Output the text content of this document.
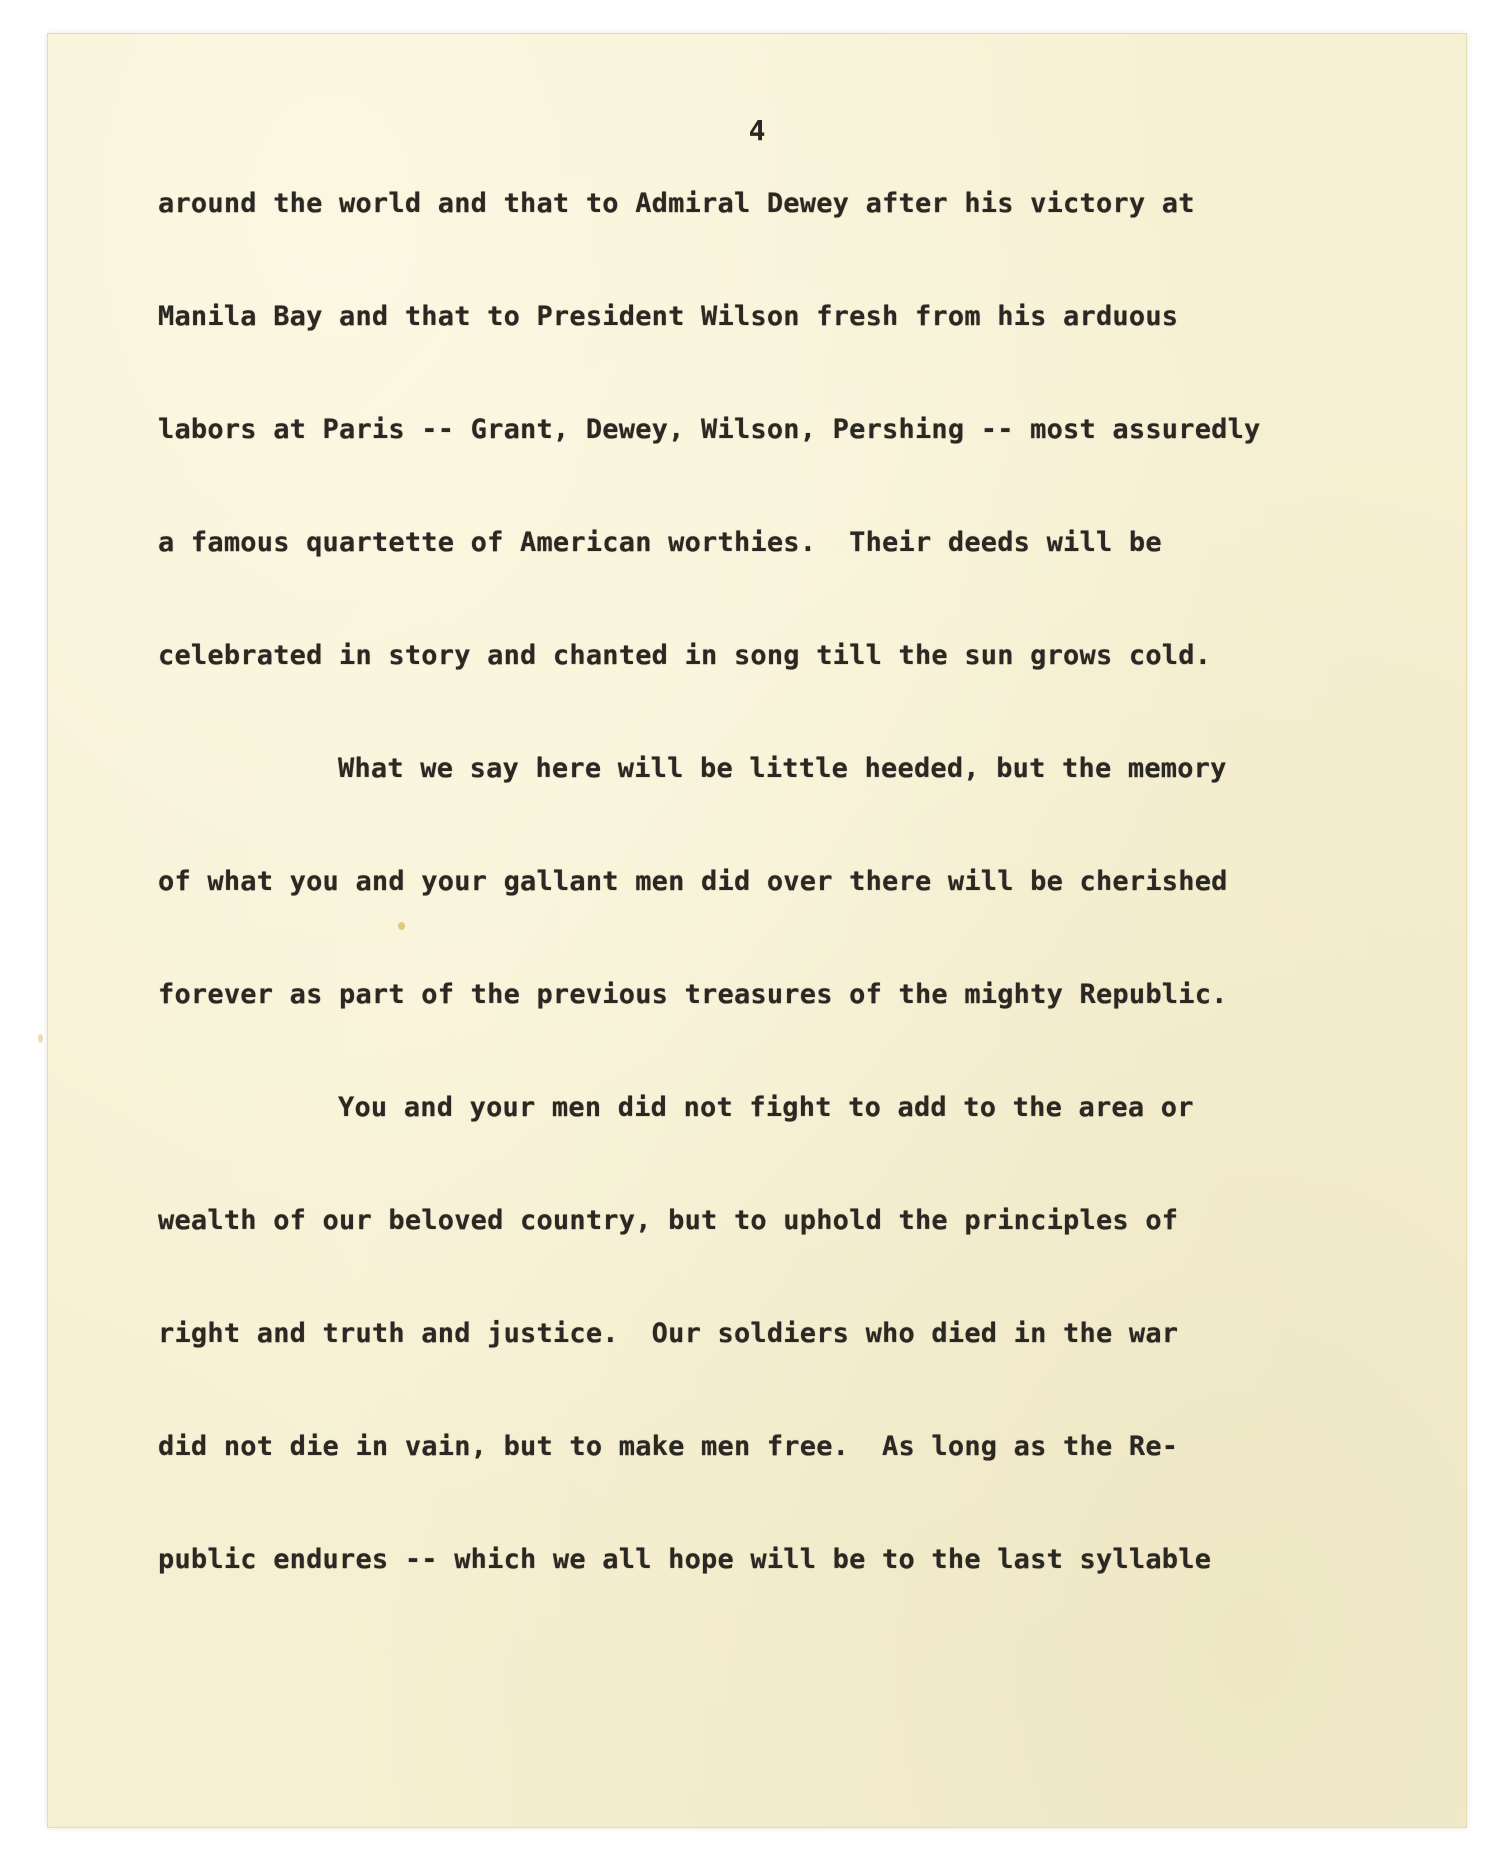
4
around the world and that to Admiral Dewey after his victory at
Manila Bay and that to President Wilson fresh from his arduous
labors at Paris -- Grant, Dewey, Wilson, Pershing -- most assuredly
a famous quartette of American worthies.  Their deeds will be
celebrated in story and chanted in song till the sun grows cold.
What we say here will be little heeded, but the memory
of what you and your gallant men did over there will be cherished
forever as part of the previous treasures of the mighty Republic.
You and your men did not fight to add to the area or
wealth of our beloved country, but to uphold the principles of
right and truth and justice.  Our soldiers who died in the war
did not die in vain, but to make men free.  As long as the Re-
public endures -- which we all hope will be to the last syllable
